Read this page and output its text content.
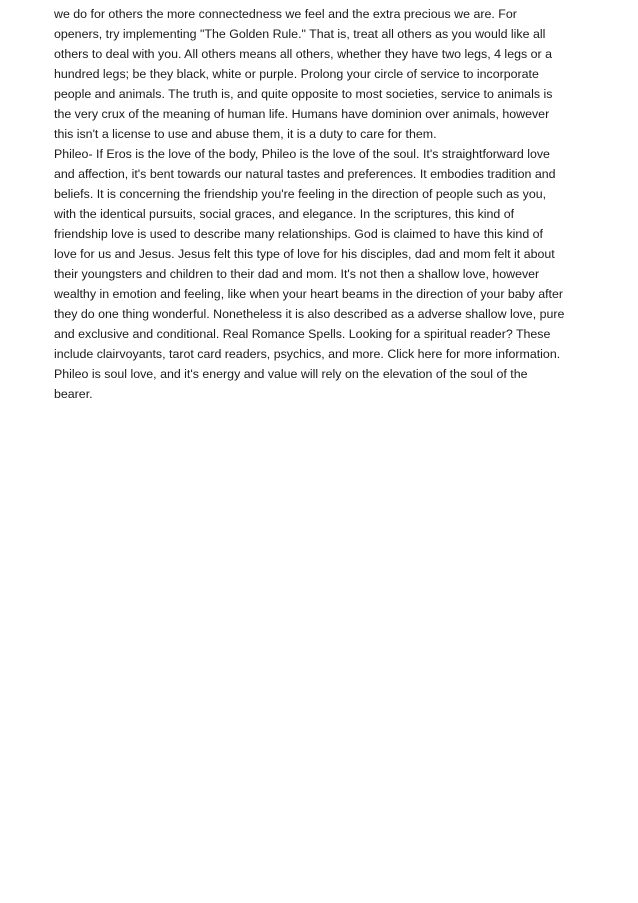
we do for others the more connectedness we feel and the extra precious we are. For
openers, try implementing "The Golden Rule." That is, treat all others as you would like all
others to deal with you. All others means all others, whether they have two legs, 4 legs or a
hundred legs; be they black, white or purple. Prolong your circle of service to incorporate
people and animals. The truth is, and quite opposite to most societies, service to animals is
the very crux of the meaning of human life. Humans have dominion over animals, however
this isn't a license to use and abuse them, it is a duty to care for them.
Phileo- If Eros is the love of the body, Phileo is the love of the soul. It's straightforward love
and affection, it's bent towards our natural tastes and preferences. It embodies tradition and
beliefs. It is concerning the friendship you're feeling in the direction of people such as you,
with the identical pursuits, social graces, and elegance. In the scriptures, this kind of
friendship love is used to describe many relationships. God is claimed to have this kind of
love for us and Jesus. Jesus felt this type of love for his disciples, dad and mom felt it about
their youngsters and children to their dad and mom. It's not then a shallow love, however
wealthy in emotion and feeling, like when your heart beams in the direction of your baby after
they do one thing wonderful. Nonetheless it is also described as a adverse shallow love, pure
and exclusive and conditional. Real Romance Spells. Looking for a spiritual reader? These
include clairvoyants, tarot card readers, psychics, and more. Click here for more information.
Phileo is soul love, and it's energy and value will rely on the elevation of the soul of the
bearer.
